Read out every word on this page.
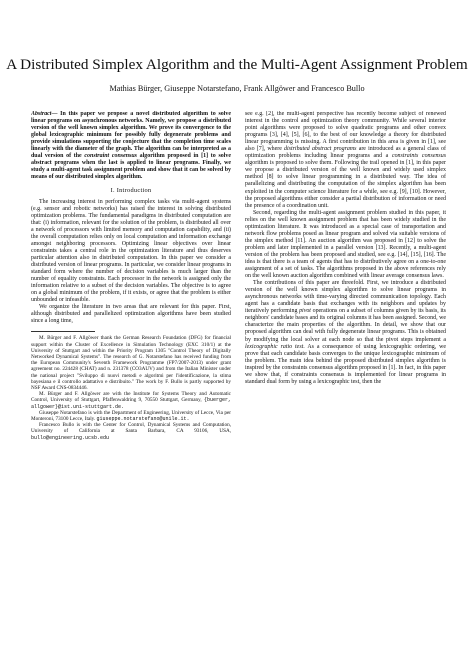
A Distributed Simplex Algorithm and the Multi-Agent Assignment Problem
Mathias Bürger, Giuseppe Notarstefano, Frank Allgöwer and Francesco Bullo
Abstract— In this paper we propose a novel distributed algorithm to solve linear programs on asynchronous networks. Namely, we propose a distributed version of the well known simplex algorithm. We prove its convergence to the global lexicographic minimum for possibly fully degenerate problems and provide simulations supporting the conjecture that the completion time scales linearly with the diameter of the graph. The algorithm can be interpreted as a dual version of the constraint consensus algorithm proposed in [1] to solve abstract programs when the last is applied to linear programs. Finally, we study a multi-agent task assignment problem and show that it can be solved by means of our distributed simplex algorithm.
I. Introduction

The increasing interest in performing complex tasks via multi-agent systems (e.g. sensor and robotic networks) has raised the interest in solving distributed optimization problems. The fundamental paradigms in distributed computation are that: (i) information, relevant for the solution of the problem, is distributed all over a network of processors with limited memory and computation capability, and (ii) the overall computation relies only on local computation and information exchange amongst neighboring processors. Optimizing linear objectives over linear constraints takes a central role in the optimization literature and thus deserves particular attention also in distributed computation. In this paper we consider a distributed version of linear programs. In particular, we consider linear programs in standard form where the number of decision variables is much larger than the number of equality constraints. Each processor in the network is assigned only the information relative to a subset of the decision variables. The objective is to agree on a global minimum of the problem, if it exists, or agree that the problem is either unbounded or infeasible.

We organize the literature in two areas that are relevant for this paper. First, although distributed and parallelized optimization algorithms have been studied since a long time,

M. Bürger and F. Allgöwer thank the German Research Foundation (DFG) for financial support within the Cluster of Excellence in Simulation Technology (EXC 310/1) at the University of Stuttgart and within the Priority Program 1305 "Control Theory of Digitally Networked Dynamical Systems". The research of G. Notarstefano has received funding from the European Community's Seventh Framework Programme (FP7/2007-2013) under grant agreement no. 224428 (CHAT) and n. 231378 (CO3AUV) and from the Italian Minister under the national project "Sviluppo di nuovi metodi e algoritmi per l'identificazione, la stima bayesiana e il controllo adattativo e distribuito." The work by F. Bullo is partly supported by NSF Award CNS-0834446.

M. Bürger and F. Allgöwer are with the Institute for Systems Theory and Automatic Control, University of Stuttgart, Pfaffenwaldring 9, 70550 Stuttgart, Germany, {buerger, allgower}@ist.uni-stuttgart.de.

Giuseppe Notarstefano is with the Department of Engineering, University of Lecce, Via per Monteroni, 73100 Lecce, Italy. giuseppe.notarstefano@unile.it.

Francesco Bullo is with the Center for Control, Dynamical Systems and Computation, University of California at Santa Barbara, CA 93106, USA, bullo@engineering.ucsb.edu

see e.g. [2], the multi-agent perspective has recently become subject of renewed interest in the control and optimization theory community. While several interior point algorithms were proposed to solve quadratic programs and other convex programs [3], [4], [5], [6], to the best of our knowledge a theory for distributed linear programming is missing. A first contribution in this area is given in [1], see also [7], where distributed abstract programs are introduced as a general class of optimization problems including linear programs and a constraints consensus algorithm is proposed to solve them. Following the trail opened in [1], in this paper we propose a distributed version of the well known and widely used simplex method [8] to solve linear programming in a distributed way. The idea of parallelizing and distributing the computation of the simplex algorithm has been exploited in the computer science literature for a while, see e.g. [9], [10]. However, the proposed algorithms either consider a partial distribution of information or need the presence of a coordination unit.

Second, regarding the multi-agent assignment problem studied in this paper, it relies on the well known assignment problem that has been widely studied in the optimization literature. It was introduced as a special case of transportation and network flow problems posed as linear program and solved via suitable versions of the simplex method [11]. An auction algorithm was proposed in [12] to solve the problem and later implemented in a parallel version [13]. Recently, a multi-agent version of the problem has been proposed and studied, see e.g. [14], [15], [16]. The idea is that there is a team of agents that has to distributively agree on a one-to-one assignment of a set of tasks. The algorithms proposed in the above references rely on the well known auction algorithm combined with linear average consensus laws.

The contributions of this paper are threefold. First, we introduce a distributed version of the well known simplex algorithm to solve linear programs in asynchronous networks with time-varying directed communication topology. Each agent has a candidate basis that exchanges with its neighbors and updates by iteratively performing pivot operations on a subset of columns given by its basis, its neighbors' candidate bases and its original columns it has been assigned. Second, we characterize the main properties of the algorithm. In detail, we show that our proposed algorithm can deal with fully degenerate linear programs. This is obtained by modifying the local solver at each node so that the pivot steps implement a lexicographic ratio test. As a consequence of using lexicographic ordering, we prove that each candidate basis converges to the unique lexicographic minimum of the problem. The main idea behind the proposed distributed simplex algorithm is inspired by the constraints consensus algorithm proposed in [1]. In fact, in this paper we show that, if constraints consensus is implemented for linear programs in standard dual form by using a lexicographic test, then the
